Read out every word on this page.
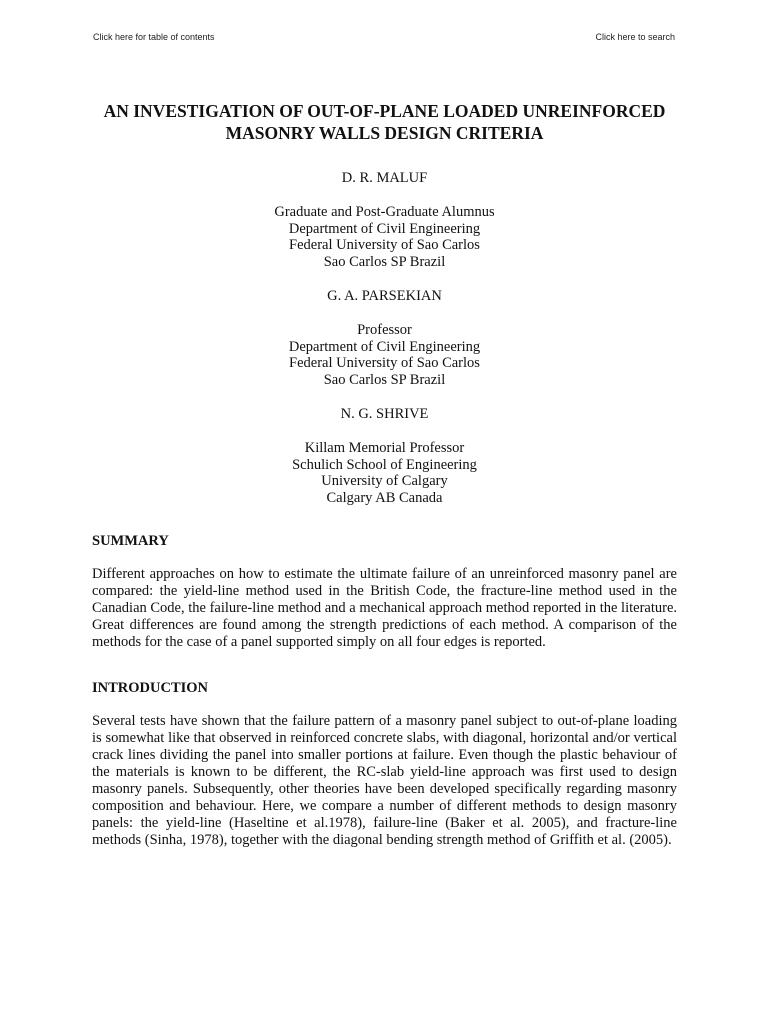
Click here for table of contents	Click here to search
AN INVESTIGATION OF OUT-OF-PLANE LOADED UNREINFORCED
MASONRY WALLS DESIGN CRITERIA
D. R. MALUF
Graduate and Post-Graduate Alumnus
Department of Civil Engineering
Federal University of Sao Carlos
Sao Carlos SP Brazil
G. A. PARSEKIAN
Professor
Department of Civil Engineering
Federal University of Sao Carlos
Sao Carlos SP Brazil
N. G. SHRIVE
Killam Memorial Professor
Schulich School of Engineering
University of Calgary
Calgary AB Canada
SUMMARY

Different approaches on how to estimate the ultimate failure of an unreinforced masonry panel are compared: the yield-line method used in the British Code, the fracture-line method used in the Canadian Code, the failure-line method and a mechanical approach method reported in the literature. Great differences are found among the strength predictions of each method. A comparison of the methods for the case of a panel supported simply on all four edges is reported.

INTRODUCTION

Several tests have shown that the failure pattern of a masonry panel subject to out-of-plane loading is somewhat like that observed in reinforced concrete slabs, with diagonal, horizontal and/or vertical crack lines dividing the panel into smaller portions at failure. Even though the plastic behaviour of the materials is known to be different, the RC-slab yield-line approach was first used to design masonry panels. Subsequently, other theories have been developed specifically regarding masonry composition and behaviour. Here, we compare a number of different methods to design masonry panels: the yield-line (Haseltine et al.1978), failure-line (Baker et al. 2005), and fracture-line methods (Sinha, 1978), together with the diagonal bending strength method of Griffith et al. (2005).
